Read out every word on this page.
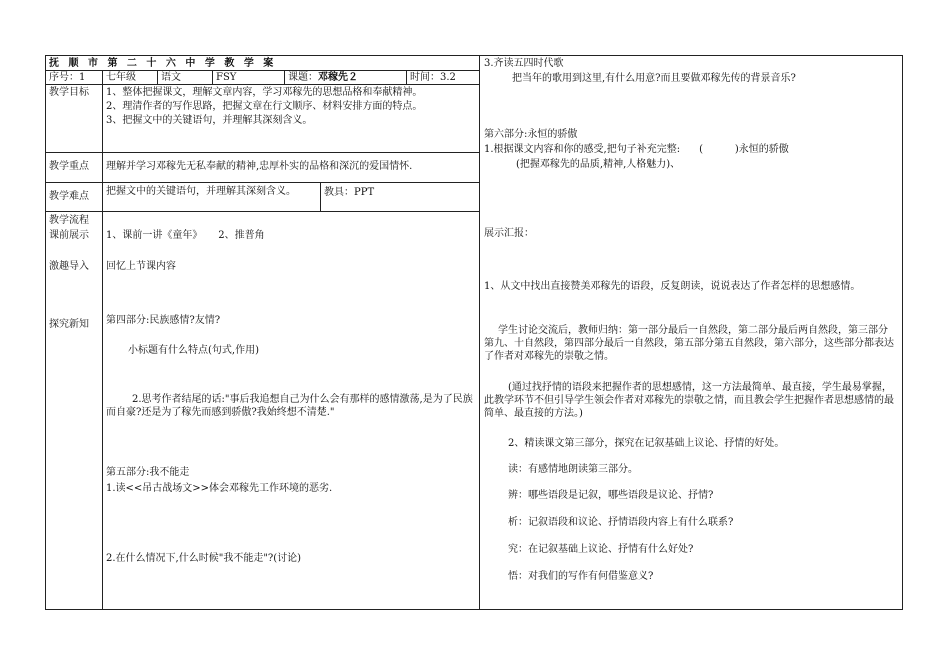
抚 顺 市 第 二 十 六 中 学 教 学 案
序号：1 七年级	语文	FSY	课题：邓稼先２	时间：3.2
教学目标 1、整体把握课文，理解文章内容，学习邓稼先的思想品格和奉献精神。
2、理清作者的写作思路，把握文章在行文顺序、材料安排方面的特点。
3、把握文中的关键语句，并理解其深刻含义。
教学重点 理解并学习邓稼先无私奉献的精神,忠厚朴实的品格和深沉的爱国情怀.
教学难点 把握文中的关键语句，并理解其深刻含义。	教具：PPT
教学流程
课前展示 1、课前一讲《童年》     2、推普角
激趣导入 回忆上节课内容
探究新知 第四部分:民族感情?友情?
小标题有什么特点(句式,作用)
2.思考作者结尾的话:"事后我追想自己为什么会有那样的感情激荡,是为了民族而自豪?还是为了稼先而感到骄傲?我始终想不清楚."
第五部分:我不能走
1.读<<吊古战场文>>体会邓稼先工作环境的恶劣.
2.在什么情况下,什么时候"我不能走"?(讨论)
3.齐读五四时代歌
把当年的歌用到这里,有什么用意?而且要做邓稼先传的背景音乐?
第六部分:永恒的骄傲
1.根据课文内容和你的感受,把句子补充完整:      (          )永恒的骄傲
(把握邓稼先的品质,精神,人格魅力)、
展示汇报：
1、从文中找出直接赞美邓稼先的语段，反复朗读，说说表达了作者怎样的思想感情。
学生讨论交流后，教师归纳：第一部分最后一自然段，第二部分最后两自然段，第三部分第九、十自然段，第四部分最后一自然段，第五部分第五自然段，第六部分，这些部分都表达了作者对邓稼先的崇敬之情。
(通过找抒情的语段来把握作者的思想感情，这一方法最简单、最直接，学生最易掌握，此教学环节不但引导学生领会作者对邓稼先的崇敬之情，而且教会学生把握作者思想感情的最简单、最直接的方法。)
2、精读课文第三部分，探究在记叙基础上议论、抒情的好处。
读：有感情地朗读第三部分。
辨：哪些语段是记叙，哪些语段是议论、抒情?
析：记叙语段和议论、抒情语段内容上有什么联系?
究：在记叙基础上议论、抒情有什么好处?
悟：对我们的写作有何借鉴意义?
